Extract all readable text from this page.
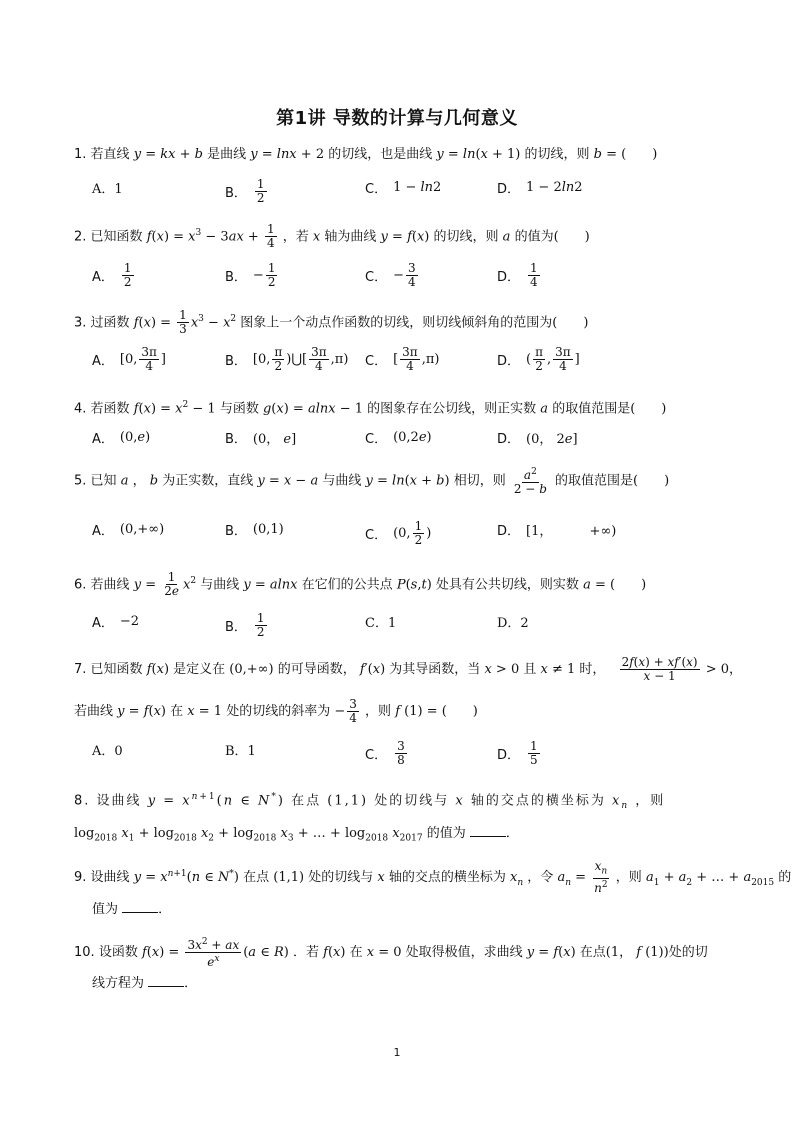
第1讲 导数的计算与几何意义
1. 若直线 y = kx + b 是曲线 y = lnx + 2 的切线，也是曲线 y = ln(x + 1) 的切线，则 b = (　　)
A．1	B． $\frac{1}{2}$	C． 1 − ln2	D． 1 − 2ln2
2. 已知函数 $f(x) = x^3 - 3ax + \frac{1}{4}$ ，若 x 轴为曲线 y = f(x) 的切线，则 a 的值为(　　)
A． $\frac{1}{2}$	B． − $\frac{1}{2}$	C． − $\frac{3}{4}$	D． $\frac{1}{4}$
3. 过函数 $f(x) = \frac{1}{3} x^3 - x^2$ 图象上一个动点作函数的切线，则切线倾斜角的范围为(　　)
A． [0, $\frac{3\pi}{4}$ ]	B． [0, $\frac{\pi}{2}$ )⋃[ $\frac{3\pi}{4} ,\pi$) C． [ $\frac{3\pi}{4} ,\pi$)	D． ( $\frac{\pi}{2}$ , $\frac{3\pi}{4}$ ]
4. 若函数 $f(x) = x^2 - 1$ 与函数 g(x) = alnx − 1 的图象存在公切线，则正实数 a 的取值范围是(　　)
A． (0,e)	B． (0， e]	C． (0,2e)	D． (0， 2e]
5. 已知 a ， b 为正实数，直线 y = x − a 与曲线 y = ln(x + b) 相切，则 $\frac{a^2}{2 - b}$ 的取值范围是(　　)
A． (0,+∞)	B． (0,1)	C． (0, $\frac{1}{2}$ )	D． [1，         +∞)
6. 若曲线 $y = \frac{1}{2e} x^2$ 与曲线 y = alnx 在它们的公共点 P(s,t) 处具有公共切线，则实数 a = (　　)
A． −2	B． $\frac{1}{2}$	C．1	D．2
7. 已知函数 f(x) 是定义在 (0,+∞) 的可导函数， f′(x) 为其导函数，当 x > 0 且 x ≠ 1 时， $\frac{2f(x) + xf'(x)}{x - 1} > 0$，
若曲线 y = f(x) 在 x = 1 处的切线的斜率为 − $\frac{3}{4}$ ，则 f (1) = (　　)
A．0	B．1	C． $\frac{3}{8}$	D． $\frac{1}{5}$
8. 设曲线 $y = x^{n+1}(n$ ∈ N*) 在点 (1,1) 处的切线与 x 轴的交点的横坐标为 $x_n$ ，则
$\log_{2018} x_1 + \log_{2018} x_2 + \log_{2018} x_3$ + … + $\log_{2018} x_{2017}$ 的值为	．
9. 设曲线 $y = x^{n+1}(n$ ∈ N*) 在点 (1,1) 处的切线与 x 轴的交点的横坐标为 $x_n$ ，令 $a_n = \frac{x_n}{n^2}$ ，则 $a_1 + a_2$ + … + $a_{2015}$ 的
值为	．
10. 设函数 $f(x) = \frac{3x^2 + ax}{e^x} (a$ ∈ R) ．若 f(x) 在 x = 0 处取得极值，求曲线 y = f(x) 在点(1， f (1))处的切
线方程为	．
1
